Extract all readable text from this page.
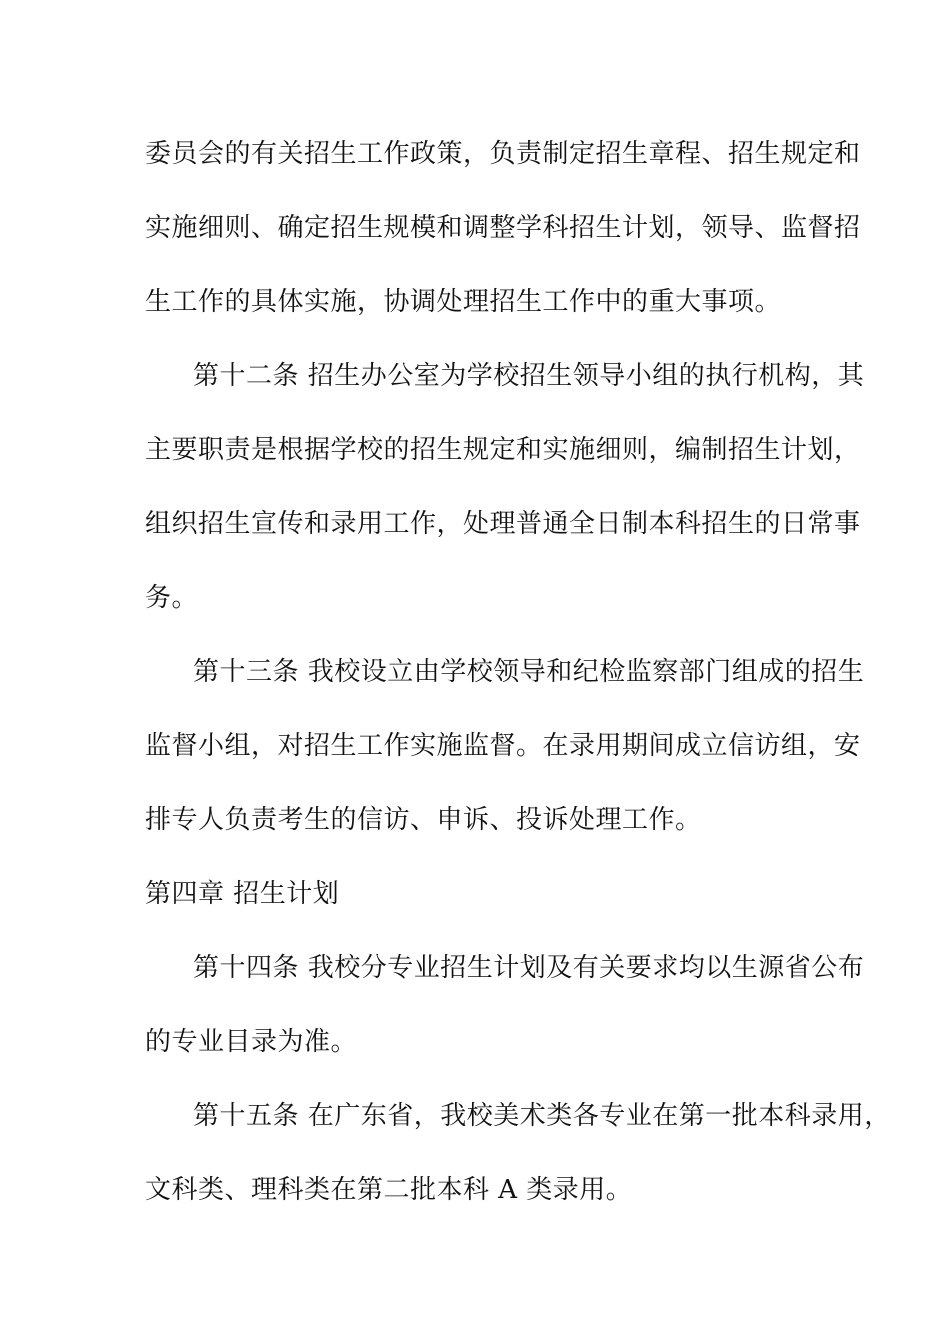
委员会的有关招生工作政策，负责制定招生章程、招生规定和
实施细则、确定招生规模和调整学科招生计划，领导、监督招
生工作的具体实施，协调处理招生工作中的重大事项。
第十二条 招生办公室为学校招生领导小组的执行机构，其
主要职责是根据学校的招生规定和实施细则，编制招生计划，
组织招生宣传和录用工作，处理普通全日制本科招生的日常事
务。
第十三条 我校设立由学校领导和纪检监察部门组成的招生
监督小组，对招生工作实施监督。在录用期间成立信访组，安
排专人负责考生的信访、申诉、投诉处理工作。
第四章 招生计划
第十四条 我校分专业招生计划及有关要求均以生源省公布
的专业目录为准。
第十五条 在广东省，我校美术类各专业在第一批本科录用，
文科类、理科类在第二批本科 A 类录用。
